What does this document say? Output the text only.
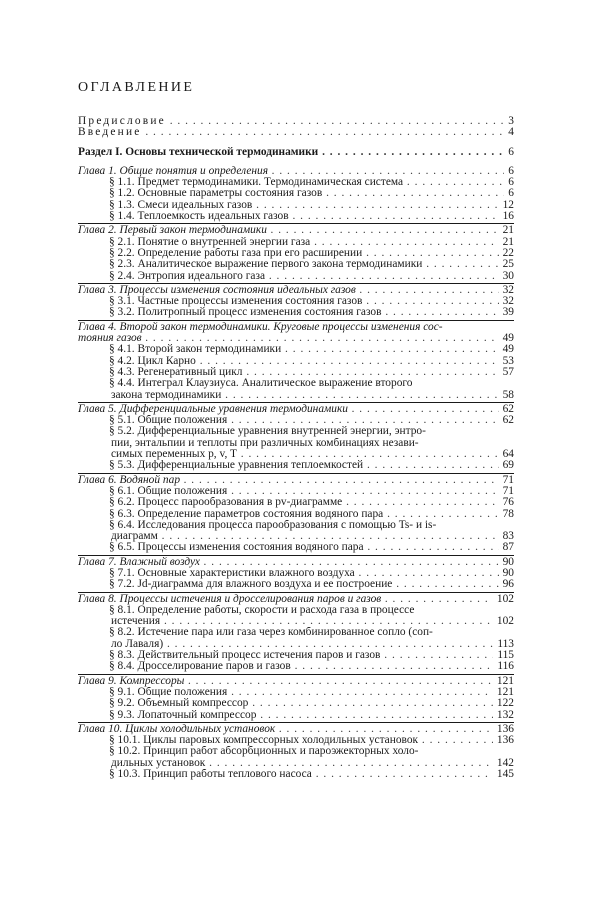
ОГЛАВЛЕНИЕ
Предисловие . . .	3
Введение . . .	4
Раздел I. Основы технической термодинамики . . .	6
Глава 1. Общие понятия и определения . . .	6
§ 1.1. Предмет термодинамики. Термодинамическая система . . .	6
§ 1.2. Основные параметры состояния газов . . .	6
§ 1.3. Смеси идеальных газов . . .	12
§ 1.4. Теплоемкость идеальных газов . . .	16
Глава 2. Первый закон термодинамики . . .	21
§ 2.1. Понятие о внутренней энергии газа . . .	21
§ 2.2. Определение работы газа при его расширении . . .	22
§ 2.3. Аналитическое выражение первого закона термодинамики . . .	25
§ 2.4. Энтропия идеального газа . . .	30
Глава 3. Процессы изменения состояния идеальных газов . . .	32
§ 3.1. Частные процессы изменения состояния газов . . .	32
§ 3.2. Политропный процесс изменения состояния газов . . .	39
Глава 4. Второй закон термодинамики. Круговые процессы изменения сос-
тояния газов . . .	49
§ 4.1. Второй закон термодинамики . . .	49
§ 4.2. Цикл Карно . . .	53
§ 4.3. Регенеративный цикл . . .	57
§ 4.4. Интеграл Клаузиуса. Аналитическое выражение второго
закона термодинамики . . .	58
Глава 5. Дифференциальные уравнения термодинамики . . .	62
§ 5.1. Общие положения . . .	62
§ 5.2. Дифференциальные уравнения внутренней энергии, энтро-
пии, энтальпии и теплоты при различных комбинациях незави-
симых переменных p, v, T . . .	64
§ 5.3. Дифференциальные уравнения теплоемкостей . . .	69
Глава 6. Водяной пар . . .	71
§ 6.1. Общие положения . . .	71
§ 6.2. Процесс парообразования в pv-диаграмме . . .	76
§ 6.3. Определение параметров состояния водяного пара . . .	78
§ 6.4. Исследования процесса парообразования с помощью Ts- и is-
диаграмм . . .	83
§ 6.5. Процессы изменения состояния водяного пара . . .	87
Глава 7. Влажный воздух . . .	90
§ 7.1. Основные характеристики влажного воздуха . . .	90
§ 7.2. Jd-диаграмма для влажного воздуха и ее построение . . .	96
Глава 8. Процессы истечения и дросселирования паров и газов . . .	102
§ 8.1. Определение работы, скорости и расхода газа в процессе
истечения . . .	102
§ 8.2. Истечение пара или газа через комбинированное сопло (соп-
ло Лаваля) . . .	113
§ 8.3. Действительный процесс истечения паров и газов . . .	115
§ 8.4. Дросселирование паров и газов . . .	116
Глава 9. Компрессоры . . .	121
§ 9.1. Общие положения . . .	121
§ 9.2. Объемный компрессор . . .	122
§ 9.3. Лопаточный компрессор . . .	132
Глава 10. Циклы холодильных установок . . .	136
§ 10.1. Циклы паровых компрессорных холодильных установок . . .	136
§ 10.2. Принцип работ абсорбционных и пароэжекторных холо-
дильных установок . . .	142
§ 10.3. Принцип работы теплового насоса . . .	145
